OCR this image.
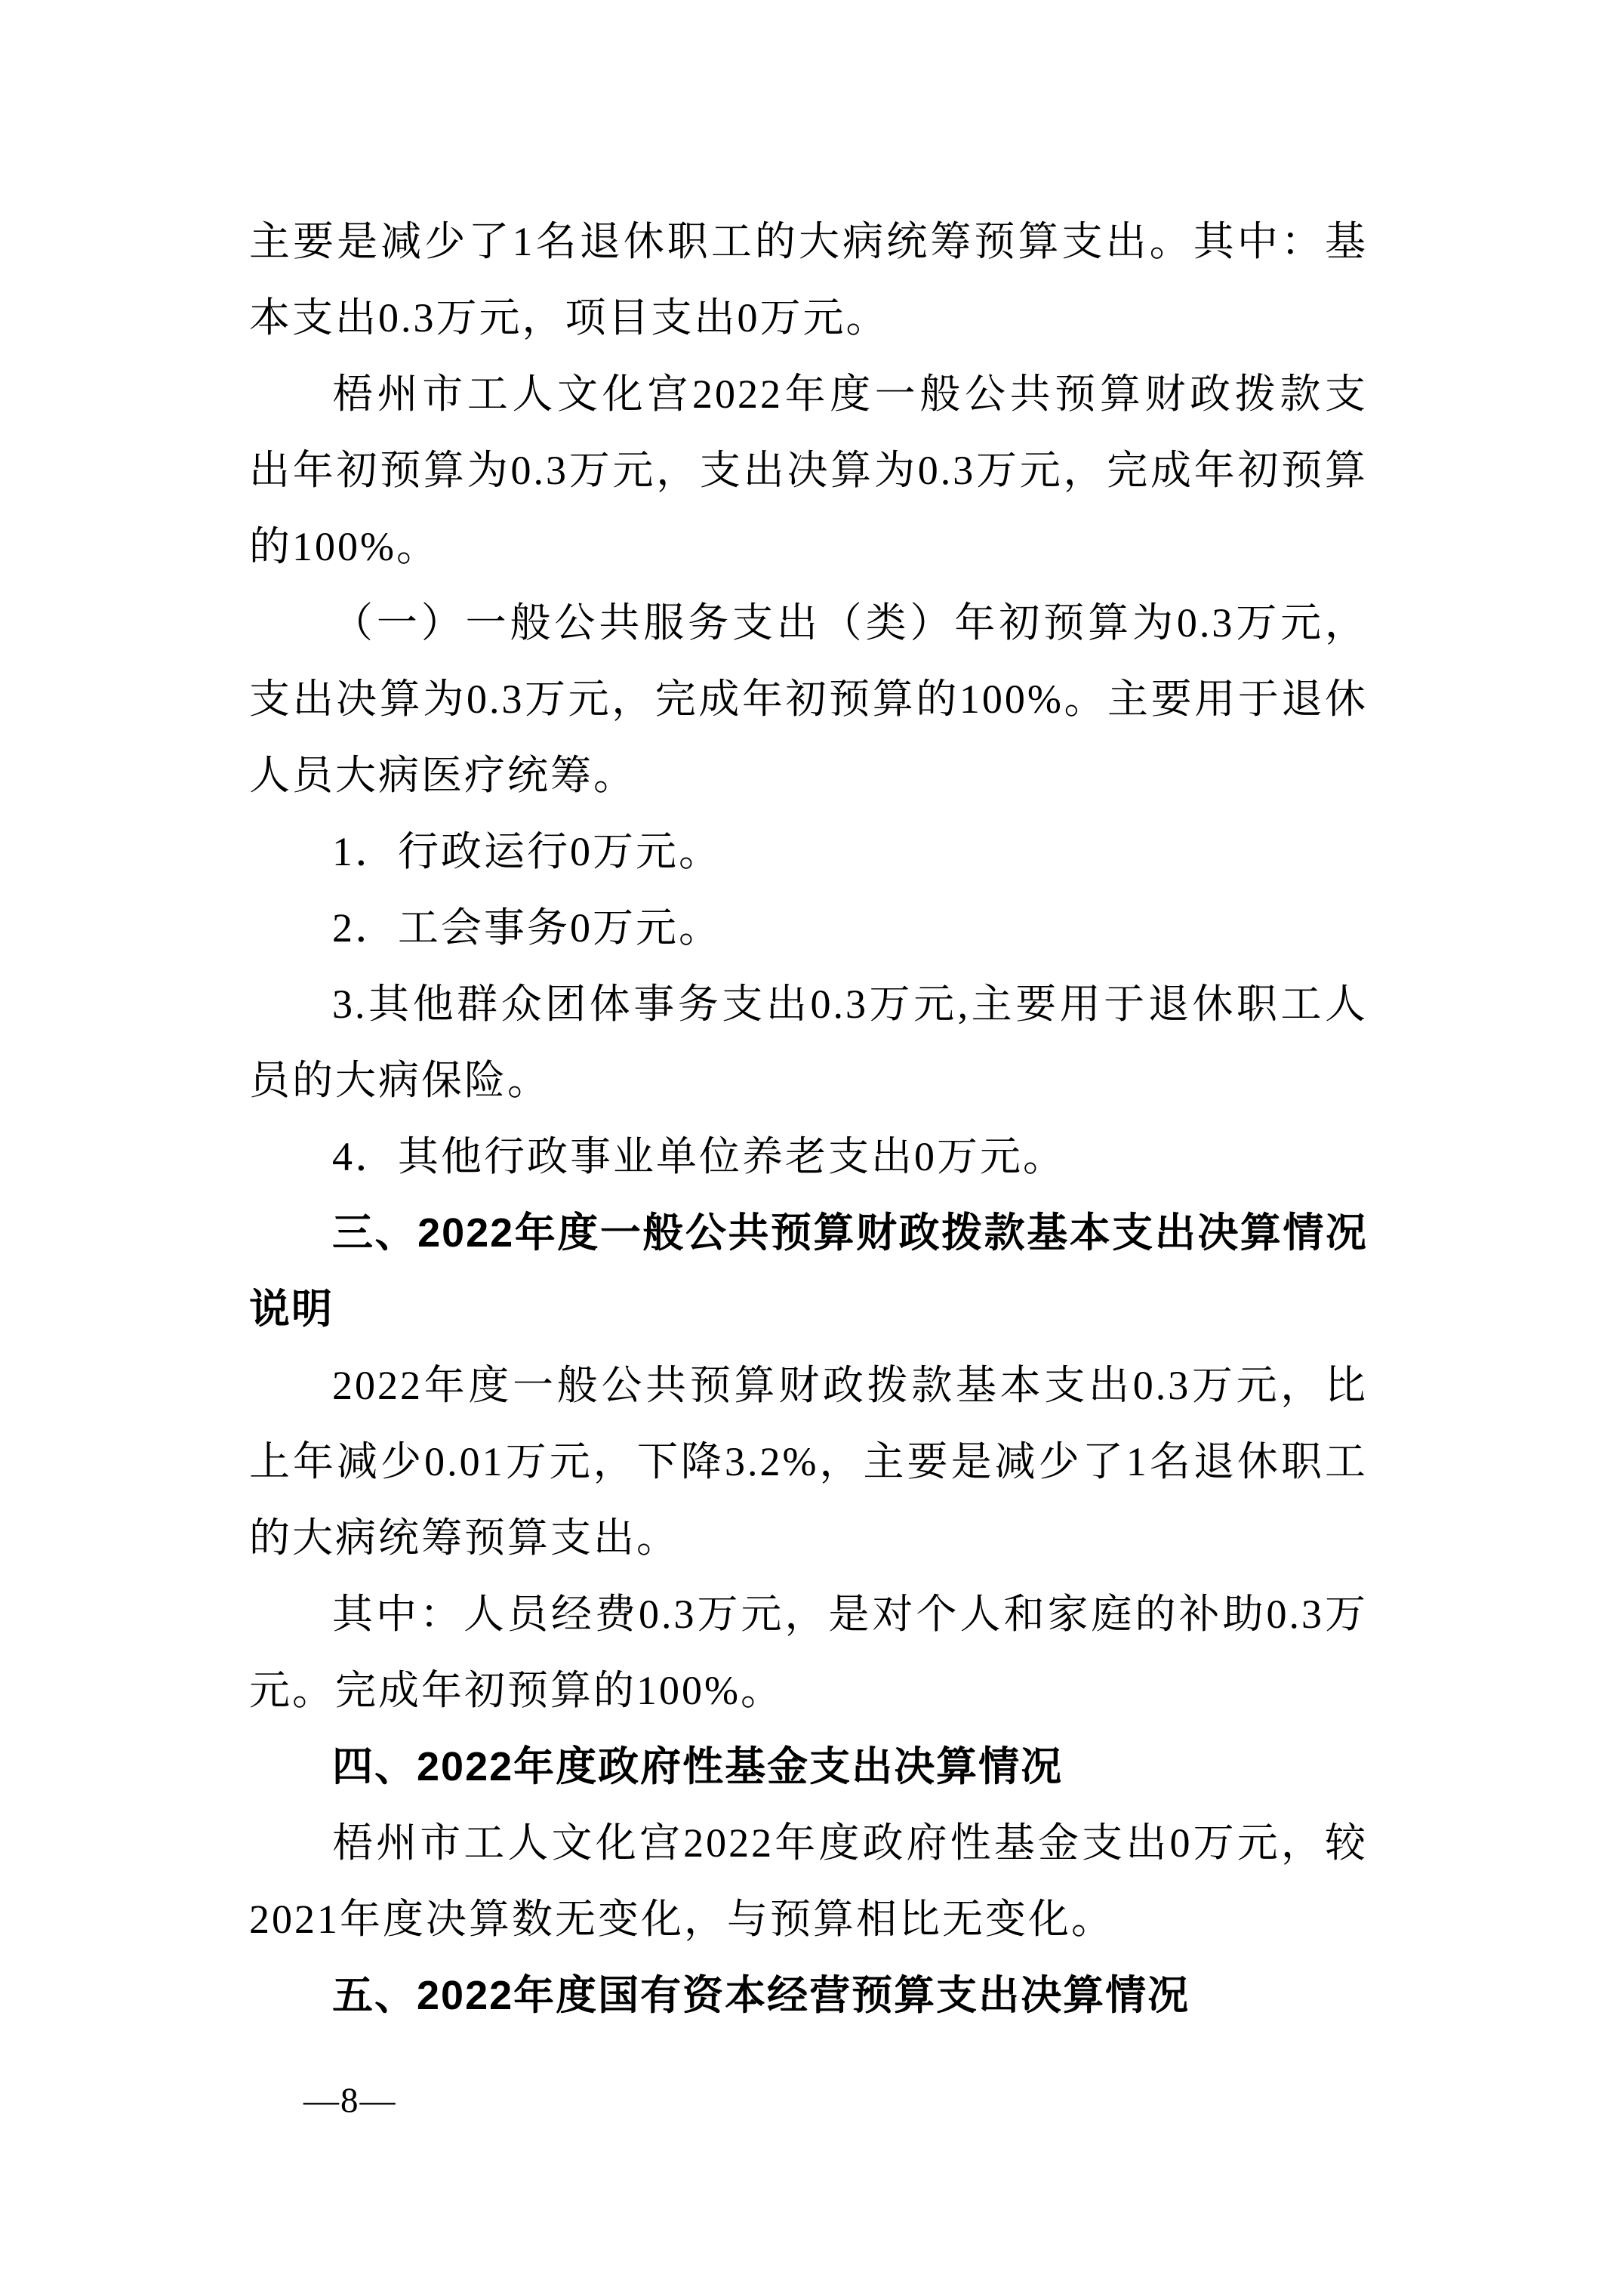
主要是减少了1名退休职工的大病统筹预算支出。其中：基本支出0.3万元，项目支出0万元。

梧州市工人文化宫2022年度一般公共预算财政拨款支出年初预算为0.3万元，支出决算为0.3万元，完成年初预算的100%。

（一）一般公共服务支出（类）年初预算为0.3万元，支出决算为0.3万元，完成年初预算的100%。主要用于退休人员大病医疗统筹。

1．行政运行0万元。

2．工会事务0万元。

3.其他群众团体事务支出0.3万元,主要用于退休职工人员的大病保险。

4．其他行政事业单位养老支出0万元。

三、2022年度一般公共预算财政拨款基本支出决算情况说明

2022年度一般公共预算财政拨款基本支出0.3万元，比上年减少0.01万元，下降3.2%，主要是减少了1名退休职工的大病统筹预算支出。

其中：人员经费0.3万元，是对个人和家庭的补助0.3万元。完成年初预算的100%。

四、2022年度政府性基金支出决算情况

梧州市工人文化宫2022年度政府性基金支出0万元，较2021年度决算数无变化，与预算相比无变化。

五、2022年度国有资本经营预算支出决算情况

—8—
